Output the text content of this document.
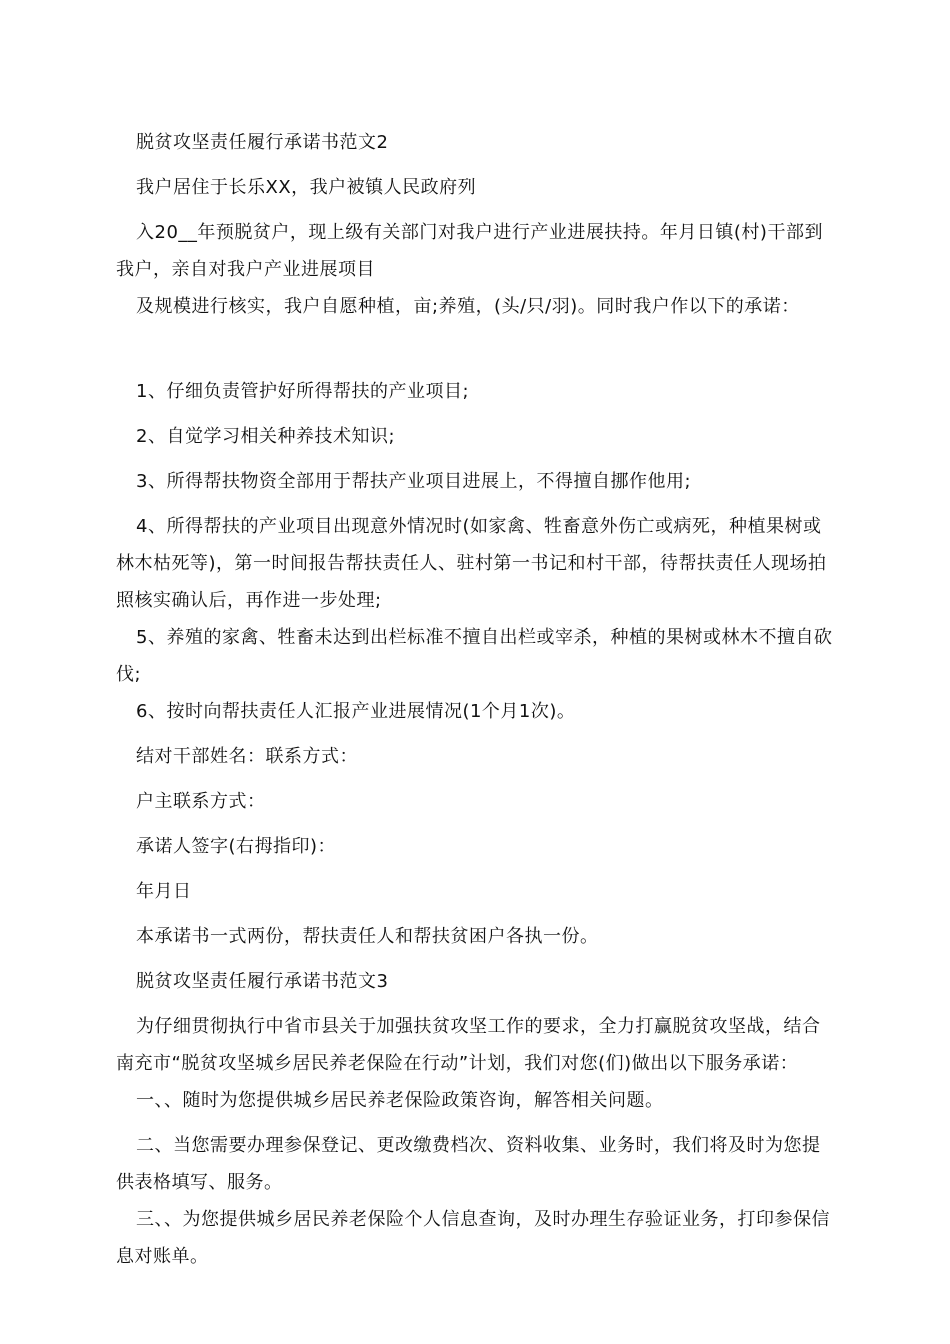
脱贫攻坚责任履行承诺书范文2

我户居住于长乐XX，我户被镇人民政府列

入20__年预脱贫户，现上级有关部门对我户进行产业进展扶持。年月日镇(村)干部到我户，亲自对我户产业进展项目

及规模进行核实，我户自愿种植，亩;养殖，(头/只/羽)。同时我户作以下的承诺：

1、仔细负责管护好所得帮扶的产业项目;

2、自觉学习相关种养技术知识;

3、所得帮扶物资全部用于帮扶产业项目进展上，不得擅自挪作他用;

4、所得帮扶的产业项目出现意外情况时(如家禽、牲畜意外伤亡或病死，种植果树或林木枯死等)，第一时间报告帮扶责任人、驻村第一书记和村干部，待帮扶责任人现场拍照核实确认后，再作进一步处理;

5、养殖的家禽、牲畜未达到出栏标准不擅自出栏或宰杀，种植的果树或林木不擅自砍伐;

6、按时向帮扶责任人汇报产业进展情况(1个月1次)。

结对干部姓名：联系方式：

户主联系方式：

承诺人签字(右拇指印)：

年月日

本承诺书一式两份，帮扶责任人和帮扶贫困户各执一份。

脱贫攻坚责任履行承诺书范文3

为仔细贯彻执行中省市县关于加强扶贫攻坚工作的要求，全力打赢脱贫攻坚战，结合南充市“脱贫攻坚城乡居民养老保险在行动”计划，我们对您(们)做出以下服务承诺：

一、、随时为您提供城乡居民养老保险政策咨询，解答相关问题。

二、当您需要办理参保登记、更改缴费档次、资料收集、业务时，我们将及时为您提供表格填写、服务。

三、、为您提供城乡居民养老保险个人信息查询，及时办理生存验证业务，打印参保信息对账单。
